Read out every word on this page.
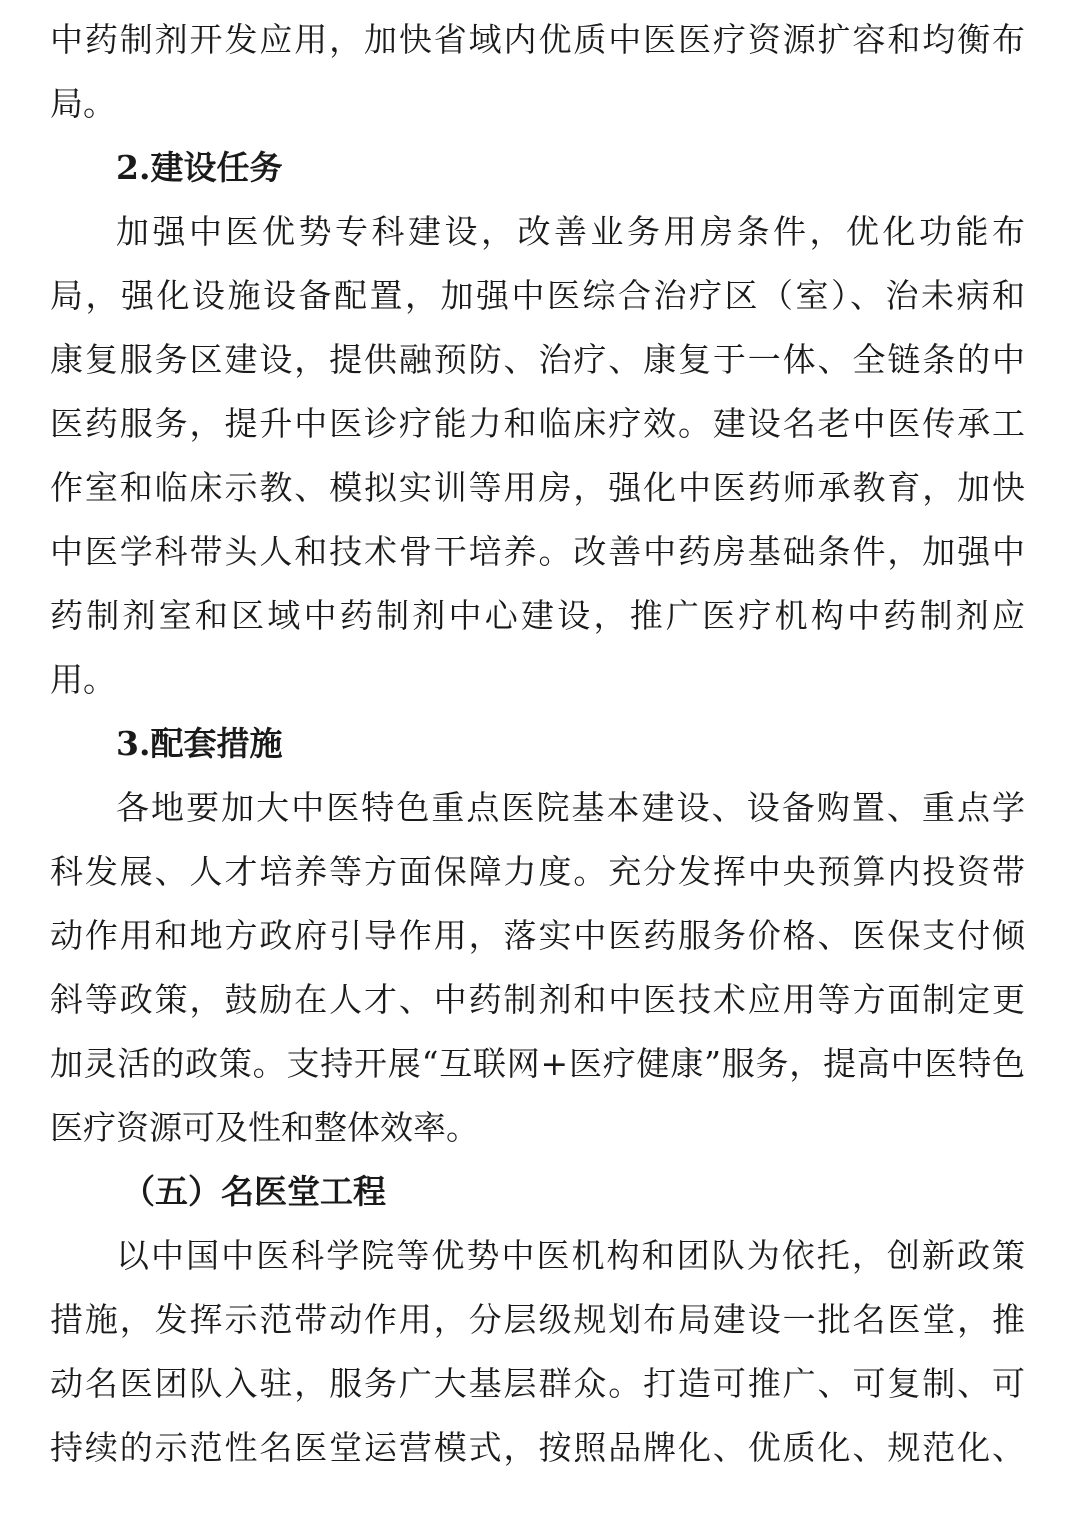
中药制剂开发应用，加快省域内优质中医医疗资源扩容和均衡布
局。
2.建设任务
加强中医优势专科建设，改善业务用房条件，优化功能布
局，强化设施设备配置，加强中医综合治疗区（室）、治未病和
康复服务区建设，提供融预防、治疗、康复于一体、全链条的中
医药服务，提升中医诊疗能力和临床疗效。建设名老中医传承工
作室和临床示教、模拟实训等用房，强化中医药师承教育，加快
中医学科带头人和技术骨干培养。改善中药房基础条件，加强中
药制剂室和区域中药制剂中心建设，推广医疗机构中药制剂应
用。
3.配套措施
各地要加大中医特色重点医院基本建设、设备购置、重点学
科发展、人才培养等方面保障力度。充分发挥中央预算内投资带
动作用和地方政府引导作用，落实中医药服务价格、医保支付倾
斜等政策，鼓励在人才、中药制剂和中医技术应用等方面制定更
加灵活的政策。支持开展“互联网+医疗健康”服务，提高中医特色
医疗资源可及性和整体效率。
（五）名医堂工程
以中国中医科学院等优势中医机构和团队为依托，创新政策
措施，发挥示范带动作用，分层级规划布局建设一批名医堂，推
动名医团队入驻，服务广大基层群众。打造可推广、可复制、可
持续的示范性名医堂运营模式，按照品牌化、优质化、规范化、
